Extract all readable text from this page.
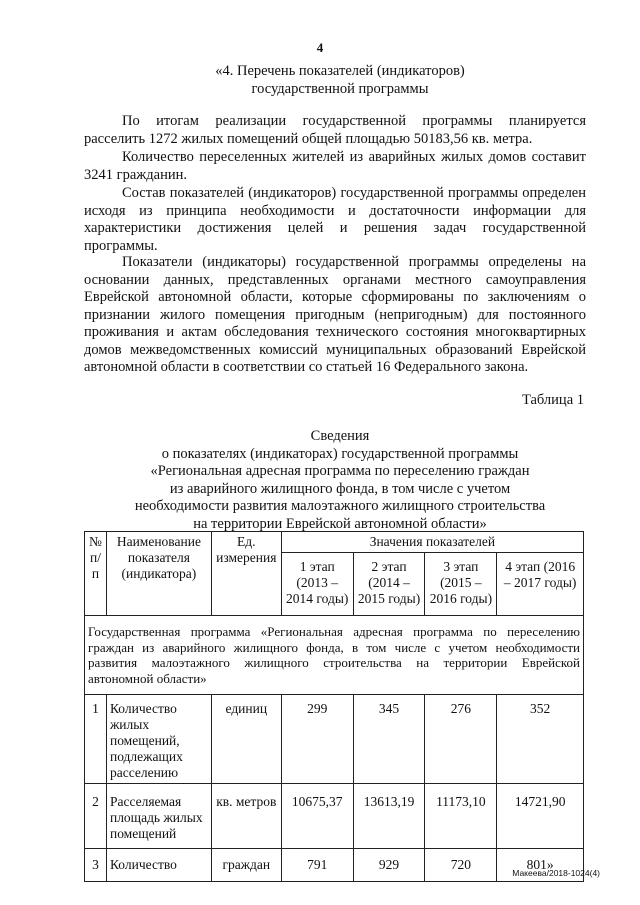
4
«4. Перечень показателей (индикаторов)
государственной программы
По итогам реализации государственной программы планируется расселить 1272 жилых помещений общей площадью 50183,56 кв. метра.
Количество переселенных жителей из аварийных жилых домов составит 3241 гражданин.
Состав показателей (индикаторов) государственной программы определен исходя из принципа необходимости и достаточности информации для характеристики достижения целей и решения задач государственной программы.
Показатели (индикаторы) государственной программы определены на основании данных, представленных органами местного самоуправления Еврейской автономной области, которые сформированы по заключениям о признании жилого помещения пригодным (непригодным) для постоянного проживания и актам обследования технического состояния многоквартирных домов межведомственных комиссий муниципальных образований Еврейской автономной области в соответствии со статьей 16 Федерального закона.
Таблица 1
Сведения
о показателях (индикаторах) государственной программы
«Региональная адресная программа по переселению граждан
из аварийного жилищного фонда, в том числе с учетом
необходимости развития малоэтажного жилищного строительства
на территории Еврейской автономной области»
№ п/п	Наименование показателя (индикатора)	Ед. измерения	Значения показателей			
			1 этап (2013 – 2014 годы)	2 этап (2014 – 2015 годы)	3 этап (2015 – 2016 годы)	4 этап (2016 – 2017 годы)
Государственная программа «Региональная адресная программа по переселению граждан из аварийного жилищного фонда, в том числе с учетом необходимости развития малоэтажного жилищного строительства на территории Еврейской автономной области»						
1	Количество жилых помещений, подлежащих расселению	единиц	299	345	276	352
2	Расселяемая площадь жилых помещений	кв. метров	10675,37	13613,19	11173,10	14721,90
3	Количество	граждан	791	929	720	801»
Макеева/2018-1024(4)
